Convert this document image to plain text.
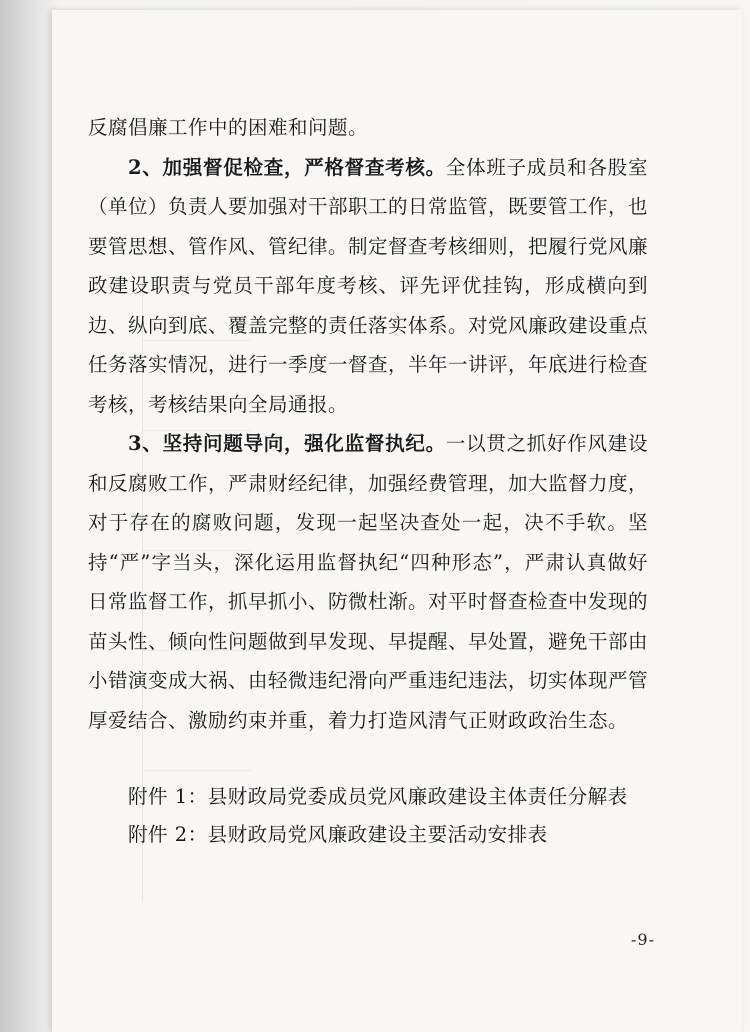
反腐倡廉工作中的困难和问题。

2、加强督促检查，严格督查考核。全体班子成员和各股室（单位）负责人要加强对干部职工的日常监管，既要管工作，也要管思想、管作风、管纪律。制定督查考核细则，把履行党风廉政建设职责与党员干部年度考核、评先评优挂钩，形成横向到边、纵向到底、覆盖完整的责任落实体系。对党风廉政建设重点任务落实情况，进行一季度一督查，半年一讲评，年底进行检查考核，考核结果向全局通报。

3、坚持问题导向，强化监督执纪。一以贯之抓好作风建设和反腐败工作，严肃财经纪律，加强经费管理，加大监督力度，对于存在的腐败问题，发现一起坚决查处一起，决不手软。坚持“严”字当头，深化运用监督执纪“四种形态”，严肃认真做好日常监督工作，抓早抓小、防微杜渐。对平时督查检查中发现的苗头性、倾向性问题做到早发现、早提醒、早处置，避免干部由小错演变成大祸、由轻微违纪滑向严重违纪违法，切实体现严管厚爱结合、激励约束并重，着力打造风清气正财政政治生态。

附件 1：县财政局党委成员党风廉政建设主体责任分解表
附件 2：县财政局党风廉政建设主要活动安排表
-9-
